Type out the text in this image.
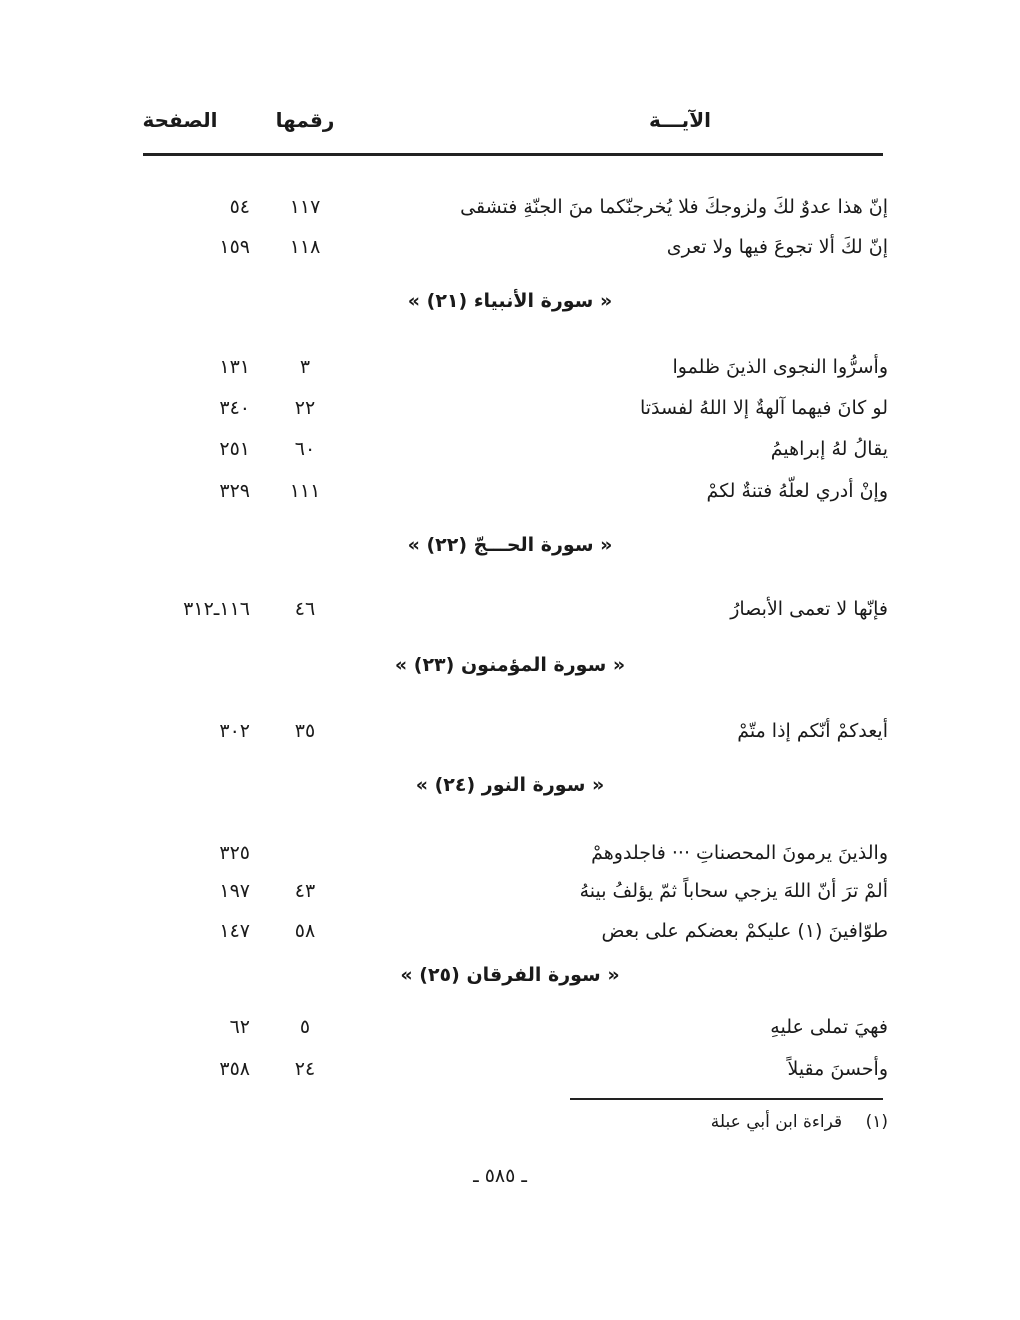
الآيـــة
رقمها
الصفحة
إنّ هذا عدوٌ لكَ ولزوجكَ فلا يُخرجنّكما منَ الجنّةِ فتشقى
١١٧
٥٤
إنّ لكَ ألا تجوعَ فيها ولا تعرى
١١٨
١٥٩
« سورة الأنبياء (٢١) »
وأسرُّوا النجوى الذينَ ظلموا
٣
١٣١
لو كانَ فيهما آلهةٌ إلا اللهُ لفسدَتا
٢٢
٣٤٠
يقالُ لهُ إبراهيمُ
٦٠
٢٥١
وإنْ أدري لعلّهُ فتنةٌ لكمْ
١١١
٣٢٩
« سورة الحـــجّ (٢٢) »
فإنّها لا تعمى الأبصارُ
٤٦
١١٦ـ٣١٢
« سورة المؤمنون (٢٣) »
أيعدكمْ أنّكم إذا متّمْ
٣٥
٣٠٢
« سورة النور (٢٤) »
والذينَ يرمونَ المحصناتِ ··· فاجلدوهمْ
٣٢٥
ألمْ ترَ أنّ اللهَ يزجي سحاباً ثمّ يؤلفُ بينهُ
٤٣
١٩٧
طوّافينَ (١) عليكمْ بعضكم على بعض
٥٨
١٤٧
« سورة الفرقان (٢٥) »
فهيَ تملى عليهِ
٥
٦٢
وأحسنَ مقيلاً
٢٤
٣٥٨
(١) قراءة ابن أبي عبلة
ـ ٥٨٥ ـ
